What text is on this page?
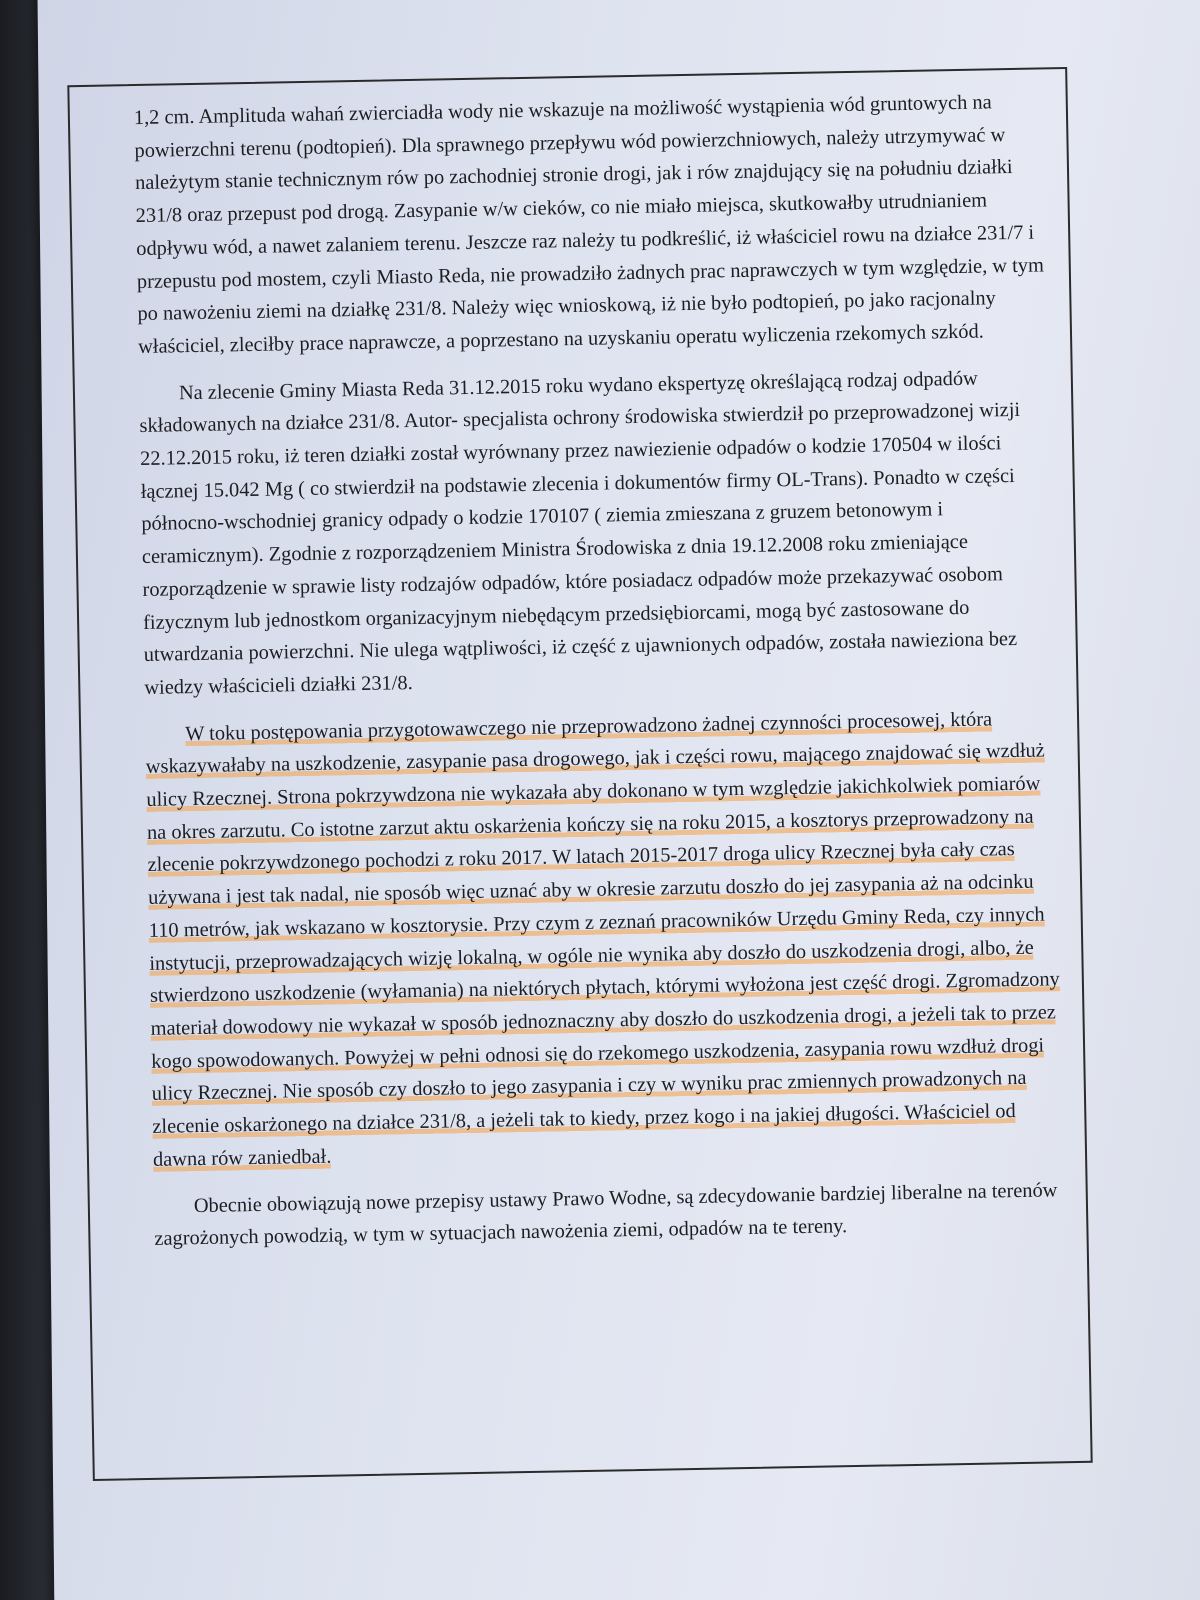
1,2 cm. Amplituda wahań zwierciadła wody nie wskazuje na możliwość wystąpienia wód gruntowych na powierzchni terenu (podtopień). Dla sprawnego przepływu wód powierzchniowych, należy utrzymywać w należytym stanie technicznym rów po zachodniej stronie drogi, jak i rów znajdujący się na południu działki 231/8 oraz przepust pod drogą. Zasypanie w/w cieków, co nie miało miejsca, skutkowałby utrudnianiem odpływu wód, a nawet zalaniem terenu. Jeszcze raz należy tu podkreślić, iż właściciel rowu na działce 231/7 i przepustu pod mostem, czyli Miasto Reda, nie prowadziło żadnych prac naprawczych w tym względzie, w tym po nawożeniu ziemi na działkę 231/8. Należy więc wnioskową, iż nie było podtopień, po jako racjonalny właściciel, zleciłby prace naprawcze, a poprzestano na uzyskaniu operatu wyliczenia rzekomych szkód.

Na zlecenie Gminy Miasta Reda 31.12.2015 roku wydano ekspertyzę określającą rodzaj odpadów składowanych na działce 231/8. Autor- specjalista ochrony środowiska stwierdził po przeprowadzonej wizji 22.12.2015 roku, iż teren działki został wyrównany przez nawiezienie odpadów o kodzie 170504 w ilości łącznej 15.042 Mg ( co stwierdził na podstawie zlecenia i dokumentów firmy OL-Trans). Ponadto w części północno-wschodniej granicy odpady o kodzie 170107 ( ziemia zmieszana z gruzem betonowym i ceramicznym). Zgodnie z rozporządzeniem Ministra Środowiska z dnia 19.12.2008 roku zmieniające rozporządzenie w sprawie listy rodzajów odpadów, które posiadacz odpadów może przekazywać osobom fizycznym lub jednostkom organizacyjnym niebędącym przedsiębiorcami, mogą być zastosowane do utwardzania powierzchni. Nie ulega wątpliwości, iż część z ujawnionych odpadów, została nawieziona bez wiedzy właścicieli działki 231/8.

W toku postępowania przygotowawczego nie przeprowadzono żadnej czynności procesowej, która wskazywałaby na uszkodzenie, zasypanie pasa drogowego, jak i części rowu, mającego znajdować się wzdłuż ulicy Rzecznej. Strona pokrzywdzona nie wykazała aby dokonano w tym względzie jakichkolwiek pomiarów na okres zarzutu. Co istotne zarzut aktu oskarżenia kończy się na roku 2015, a kosztorys przeprowadzony na zlecenie pokrzywdzonego pochodzi z roku 2017. W latach 2015-2017 droga ulicy Rzecznej była cały czas używana i jest tak nadal, nie sposób więc uznać aby w okresie zarzutu doszło do jej zasypania aż na odcinku 110 metrów, jak wskazano w kosztorysie. Przy czym z zeznań pracowników Urzędu Gminy Reda, czy innych instytucji, przeprowadzających wizję lokalną, w ogóle nie wynika aby doszło do uszkodzenia drogi, albo, że stwierdzono uszkodzenie (wyłamania) na niektórych płytach, którymi wyłożona jest część drogi. Zgromadzony materiał dowodowy nie wykazał w sposób jednoznaczny aby doszło do uszkodzenia drogi, a jeżeli tak to przez kogo spowodowanych. Powyżej w pełni odnosi się do rzekomego uszkodzenia, zasypania rowu wzdłuż drogi ulicy Rzecznej. Nie sposób czy doszło to jego zasypania i czy w wyniku prac zmiennych prowadzonych na zlecenie oskarżonego na działce 231/8, a jeżeli tak to kiedy, przez kogo i na jakiej długości. Właściciel od dawna rów zaniedbał.

Obecnie obowiązują nowe przepisy ustawy Prawo Wodne, są zdecydowanie bardziej liberalne na terenów zagrożonych powodzią, w tym w sytuacjach nawożenia ziemi, odpadów na te tereny.
